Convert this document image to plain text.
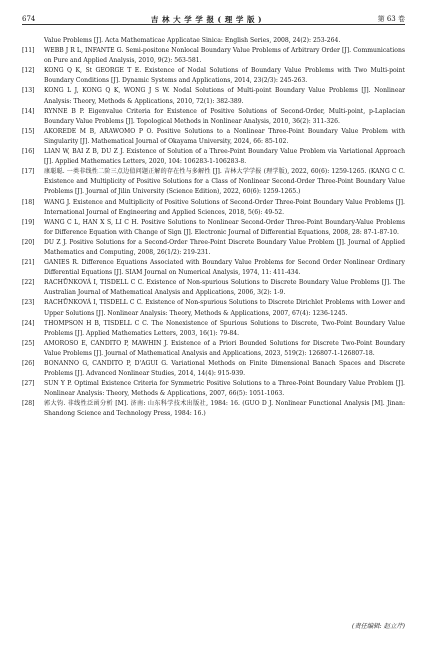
674	吉 林 大 学 学 报 ( 理 学 版 )	第 63 卷
Value Problems [J]. Acta Mathematicae Applicatae Sinica: English Series, 2008, 24(2): 253-264.
[11]	WEBB J R L, INFANTE G. Semi-positone Nonlocal Boundary Value Problems of Arbitrary Order [J]. Communications on Pure and Applied Analysis, 2010, 9(2): 563-581.
[12]	KONG Q K, St GEORGE T E. Existence of Nodal Solutions of Boundary Value Problems with Two Multi-point Boundary Conditions [J]. Dynamic Systems and Applications, 2014, 23(2/3): 245-263.
[13]	KONG L J, KONG Q K, WONG J S W. Nodal Solutions of Multi-point Boundary Value Problems [J]. Nonlinear Analysis: Theory, Methods & Applications, 2010, 72(1): 382-389.
[14]	RYNNE B P. Eigenvalue Criteria for Existence of Positive Solutions of Second-Order, Multi-point, p-Laplacian Boundary Value Problems [J]. Topological Methods in Nonlinear Analysis, 2010, 36(2): 311-326.
[15]	AKOREDE M B, ARAWOMO P O. Positive Solutions to a Nonlinear Three-Point Boundary Value Problem with Singularity [J]. Mathematical Journal of Okayama University, 2024, 66: 85-102.
[16]	LIAN W, BAI Z B, DU Z J. Existence of Solution of a Three-Point Boundary Value Problem via Variational Approach [J]. Applied Mathematics Letters, 2020, 104: 106283-1-106283-8.
[17]	康聪聪. 一类非线性二阶三点边值问题正解的存在性与多解性 [J]. 吉林大学学报 (理学版), 2022, 60(6): 1259-1265. (KANG C C. Existence and Multiplicity of Positive Solutions for a Class of Nonlinear Second-Order Three-Point Boundary Value Problems [J]. Journal of Jilin University (Science Edition), 2022, 60(6): 1259-1265.)
[18]	WANG J. Existence and Multiplicity of Positive Solutions of Second-Order Three-Point Boundary Value Problems [J]. International Journal of Engineering and Applied Sciences, 2018, 5(6): 49-52.
[19]	WANG C L, HAN X S, LI C H. Positive Solutions to Nonlinear Second-Order Three-Point Boundary-Value Problems for Difference Equation with Change of Sign [J]. Electronic Journal of Differential Equations, 2008, 28: 87-1-87-10.
[20]	DU Z J. Positive Solutions for a Second-Order Three-Point Discrete Boundary Value Problem [J]. Journal of Applied Mathematics and Computing, 2008, 26(1/2): 219-231.
[21]	GANIES R. Difference Equations Associated with Boundary Value Problems for Second Order Nonlinear Ordinary Differential Equations [J]. SIAM Journal on Numerical Analysis, 1974, 11: 411-434.
[22]	RACHŮNKOVÁ I, TISDELL C C. Existence of Non-spurious Solutions to Discrete Boundary Value Problems [J]. The Australian Journal of Mathematical Analysis and Applications, 2006, 3(2): 1-9.
[23]	RACHŮNKOVÁ I, TISDELL C C. Existence of Non-spurious Solutions to Discrete Dirichlet Problems with Lower and Upper Solutions [J]. Nonlinear Analysis: Theory, Methods & Applications, 2007, 67(4): 1236-1245.
[24]	THOMPSON H B, TISDELL C C. The Nonexistence of Spurious Solutions to Discrete, Two-Point Boundary Value Problems [J]. Applied Mathematics Letters, 2003, 16(1): 79-84.
[25]	AMOROSO E, CANDITO P, MAWHIN J. Existence of a Priori Bounded Solutions for Discrete Two-Point Boundary Value Problems [J]. Journal of Mathematical Analysis and Applications, 2023, 519(2): 126807-1-126807-18.
[26]	BONANNO G, CANDITO P, D'AGUI G. Variational Methods on Finite Dimensional Banach Spaces and Discrete Problems [J]. Advanced Nonlinear Studies, 2014, 14(4): 915-939.
[27]	SUN Y P. Optimal Existence Criteria for Symmetric Positive Solutions to a Three-Point Boundary Value Problem [J]. Nonlinear Analysis: Theory, Methods & Applications, 2007, 66(5): 1051-1063.
[28]	郭大钧. 非线性泛函分析 [M]. 济南: 山东科学技术出版社, 1984: 16. (GUO D J. Nonlinear Functional Analysis [M]. Jinan: Shandong Science and Technology Press, 1984: 16.)
(责任编辑: 赵立芹)
